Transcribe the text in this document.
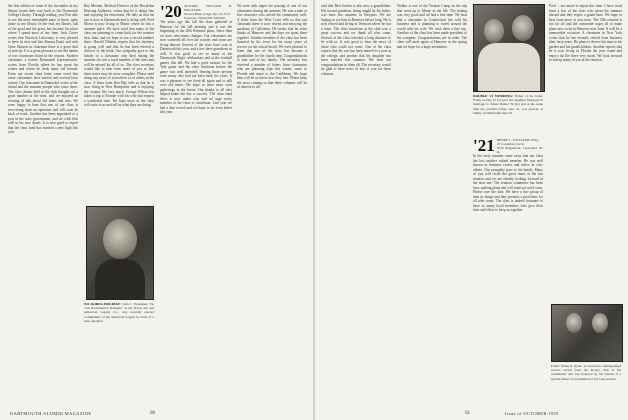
the first edition of some of the facsimiles in my library found their way back to the Dartmouth College Library. Through reading, you'll be able to see the most remarkable parts of these, quite alone in my library. In the end, my library, full of the good and the great, has become the place where I spend most of my time. Jack Corter writes that Norwich University is very pleased to have its new and fine Alumni Fund, and with Gene Hansen as chairman there is a great deal of activity. It is a great pleasure to see the names of our classmates listed in the reports. Another classmate, a former Dartmouth representative, writes from Florida where he has spent his winter and where he finds many old friends. From our recent class letter came word that some classmates have moved and several have retired. Our classmate in Nantucket writes of the island and the summer people who come there. The class dinner held at the club brought out a good number of the men, and we enjoyed an evening of talk about old times and new. We were happy to hear that one of our class is recovering from an operation and will soon be back at work. Another has been appointed to a post in the state government, and we wish him well in his new duties. It is also good to report that the class fund has reached a new high this year.

Ray Meriam, Medical Director of the Brookline Housing Authority, writes that he is doing fine and enjoying his retirement. He tells us that his son is now at Dartmouth and is doing well. Fred Morse is now living in Maine where he has a summer place. We have word that many of the class are planning to come back for the reunion next June, and we hope to see a record number there. Harold Tibbetts reports that his business is going well and that he has been elected a director of the bank. Our sympathy goes to the family of a classmate who died during the summer; he was a loyal member of the class and will be missed by all of us. The class secretary would like to hear from more of you so that these notes may be more complete. Please send along any news of yourselves or of others in the class. A letter from Ken Hay tells us that he is now living in New Hampshire and is enjoying the country life very much. George Wilson has taken a trip to Europe with his wife and reports a wonderful time. We hope more of the class will write to us and tell us what they are doing.

NO KOREA HOLIDAY: John J. Fannaman '19, "Air Reclamation Delegate" at the Naval Air and American Legion Co., was recently elected Commander of the American Legion for Italy of a new squadron.
'20 ALVORD, WILLIAM H. WILLIAMS
Second Bank Lodge, Rye 23, N.Y.
Treasurer, Whitcomb Williams

Ten years ago this fall the class gathered at Hanover for the fall meeting and it was the beginning of the 20th Reunion plans. Since then we have seen many changes. Our classmates are now scattered all over the country and some are living abroad. Several of the class have sons at Dartmouth this year, and a few have grandsons as well. It was good to see so many at the Dartmouth Night celebrations and at the football games this fall. We had a good turnout for the Yale game and the class luncheon before the game was well attended. Among those present were many who had not been back for years. It was a pleasure to see them all again and to talk over old times. We hope to have more such gatherings in the future. Our thanks to all who helped make the day a success. The class fund drive is now under way and we urge every member of the class to contribute. Last year we had a fine record and we hope to do even better this year.

We note with regret the passing of one of our classmates during the summer. He was a man of fine character who served his community well. A letter from the West Coast tells us that our classmate there is now retired and enjoying the sunshine of California. He writes that he often thinks of Hanover and the days we spent there together. Another member of the class has been honored by his town for his many years of service on the school board. We were pleased to learn that one of the class has become a grandfather for the fourth time. Congratulations to him and to his family. The secretary has received a number of letters from classmates who are planning trips this winter, some to Florida and some to the Caribbean. We hope they will let us know how they fare. Please keep the news coming so that these columns will be of interest to all.

60
DARTMOUTH ALUMNI MAGAZINE

said that Bert Jordan is also now a grandfather. His second grandson, being taught by his father, was born this summer in Newport. We are hoping to see him in Hanover before long. He is now retired and living in Vermont where he has a farm. The class luncheon at the club was a great success and we thank all who came. Several of the class traveled a long distance to be with us. It was good to hear the news of those who could not come. One of the class reports that his son has been named to a post at the college, and another that his daughter has been married this summer. We send our congratulations to them all. The secretary would be glad to have news of any of you for these columns.

Walker is one of the Trenton Camp on the trip that went up to Maine in the fall. The fishing was very good and all had a fine time. We hear that a classmate in Connecticut has sold his business and is planning to travel around the world with his wife. We wish them a fine trip. Another of the class has been made president of his company. Congratulations are in order. The class will meet again at Hanover in the spring and we hope for a large attendance.

DOUBLE '21 WEDDING: Father of the bride, Frank Cooler '21 (I) gave his daughter Margaret in marriage to James Daniel '56 (R) and at the same time the groom's father, also '21, was present. A family of Dartmouth men all.
'21 HENRY L. WILLIAMS, ESQ.
25 Columbus Circle
5559 Ridgemont, Cleveland 18, O.

In the early summer came news that our class has lost another valued member. He was well known in business circles and active in civic affairs. Our sympathy goes to his family. Many of you will recall the good times at the last reunion and we are already looking forward to the next one. The reunion committee has been busy making plans and will send out word soon. Please save the date. We have a fine group of men in charge and they promise a good time for all who come. The class is indeed fortunate to have so many loyal members who give their time and effort to keep us together.

Fred ... not much to report this time. I have word from a few of the class who spent the summer abroad and they report a grand time. We hope to hear from more of you soon. The 35th reunion is not far off and the committee urges all to make plans now to be in Hanover next June. It will be a memorable occasion. A classmate in New York writes that he has recently retired from business after forty years. He plans to devote his time to his garden and his grandchildren. Another reports that he is now living in Florida the year round and enjoys the life there very much. We look forward to seeing many of you at the reunion.

Fuller: Elmer R. Ryan, '21 received a distinguished service award from the Rotary club of his community and was honored by his friends at a special dinner in recognition of his long service.
61	Issue of OCTOBER 1955
